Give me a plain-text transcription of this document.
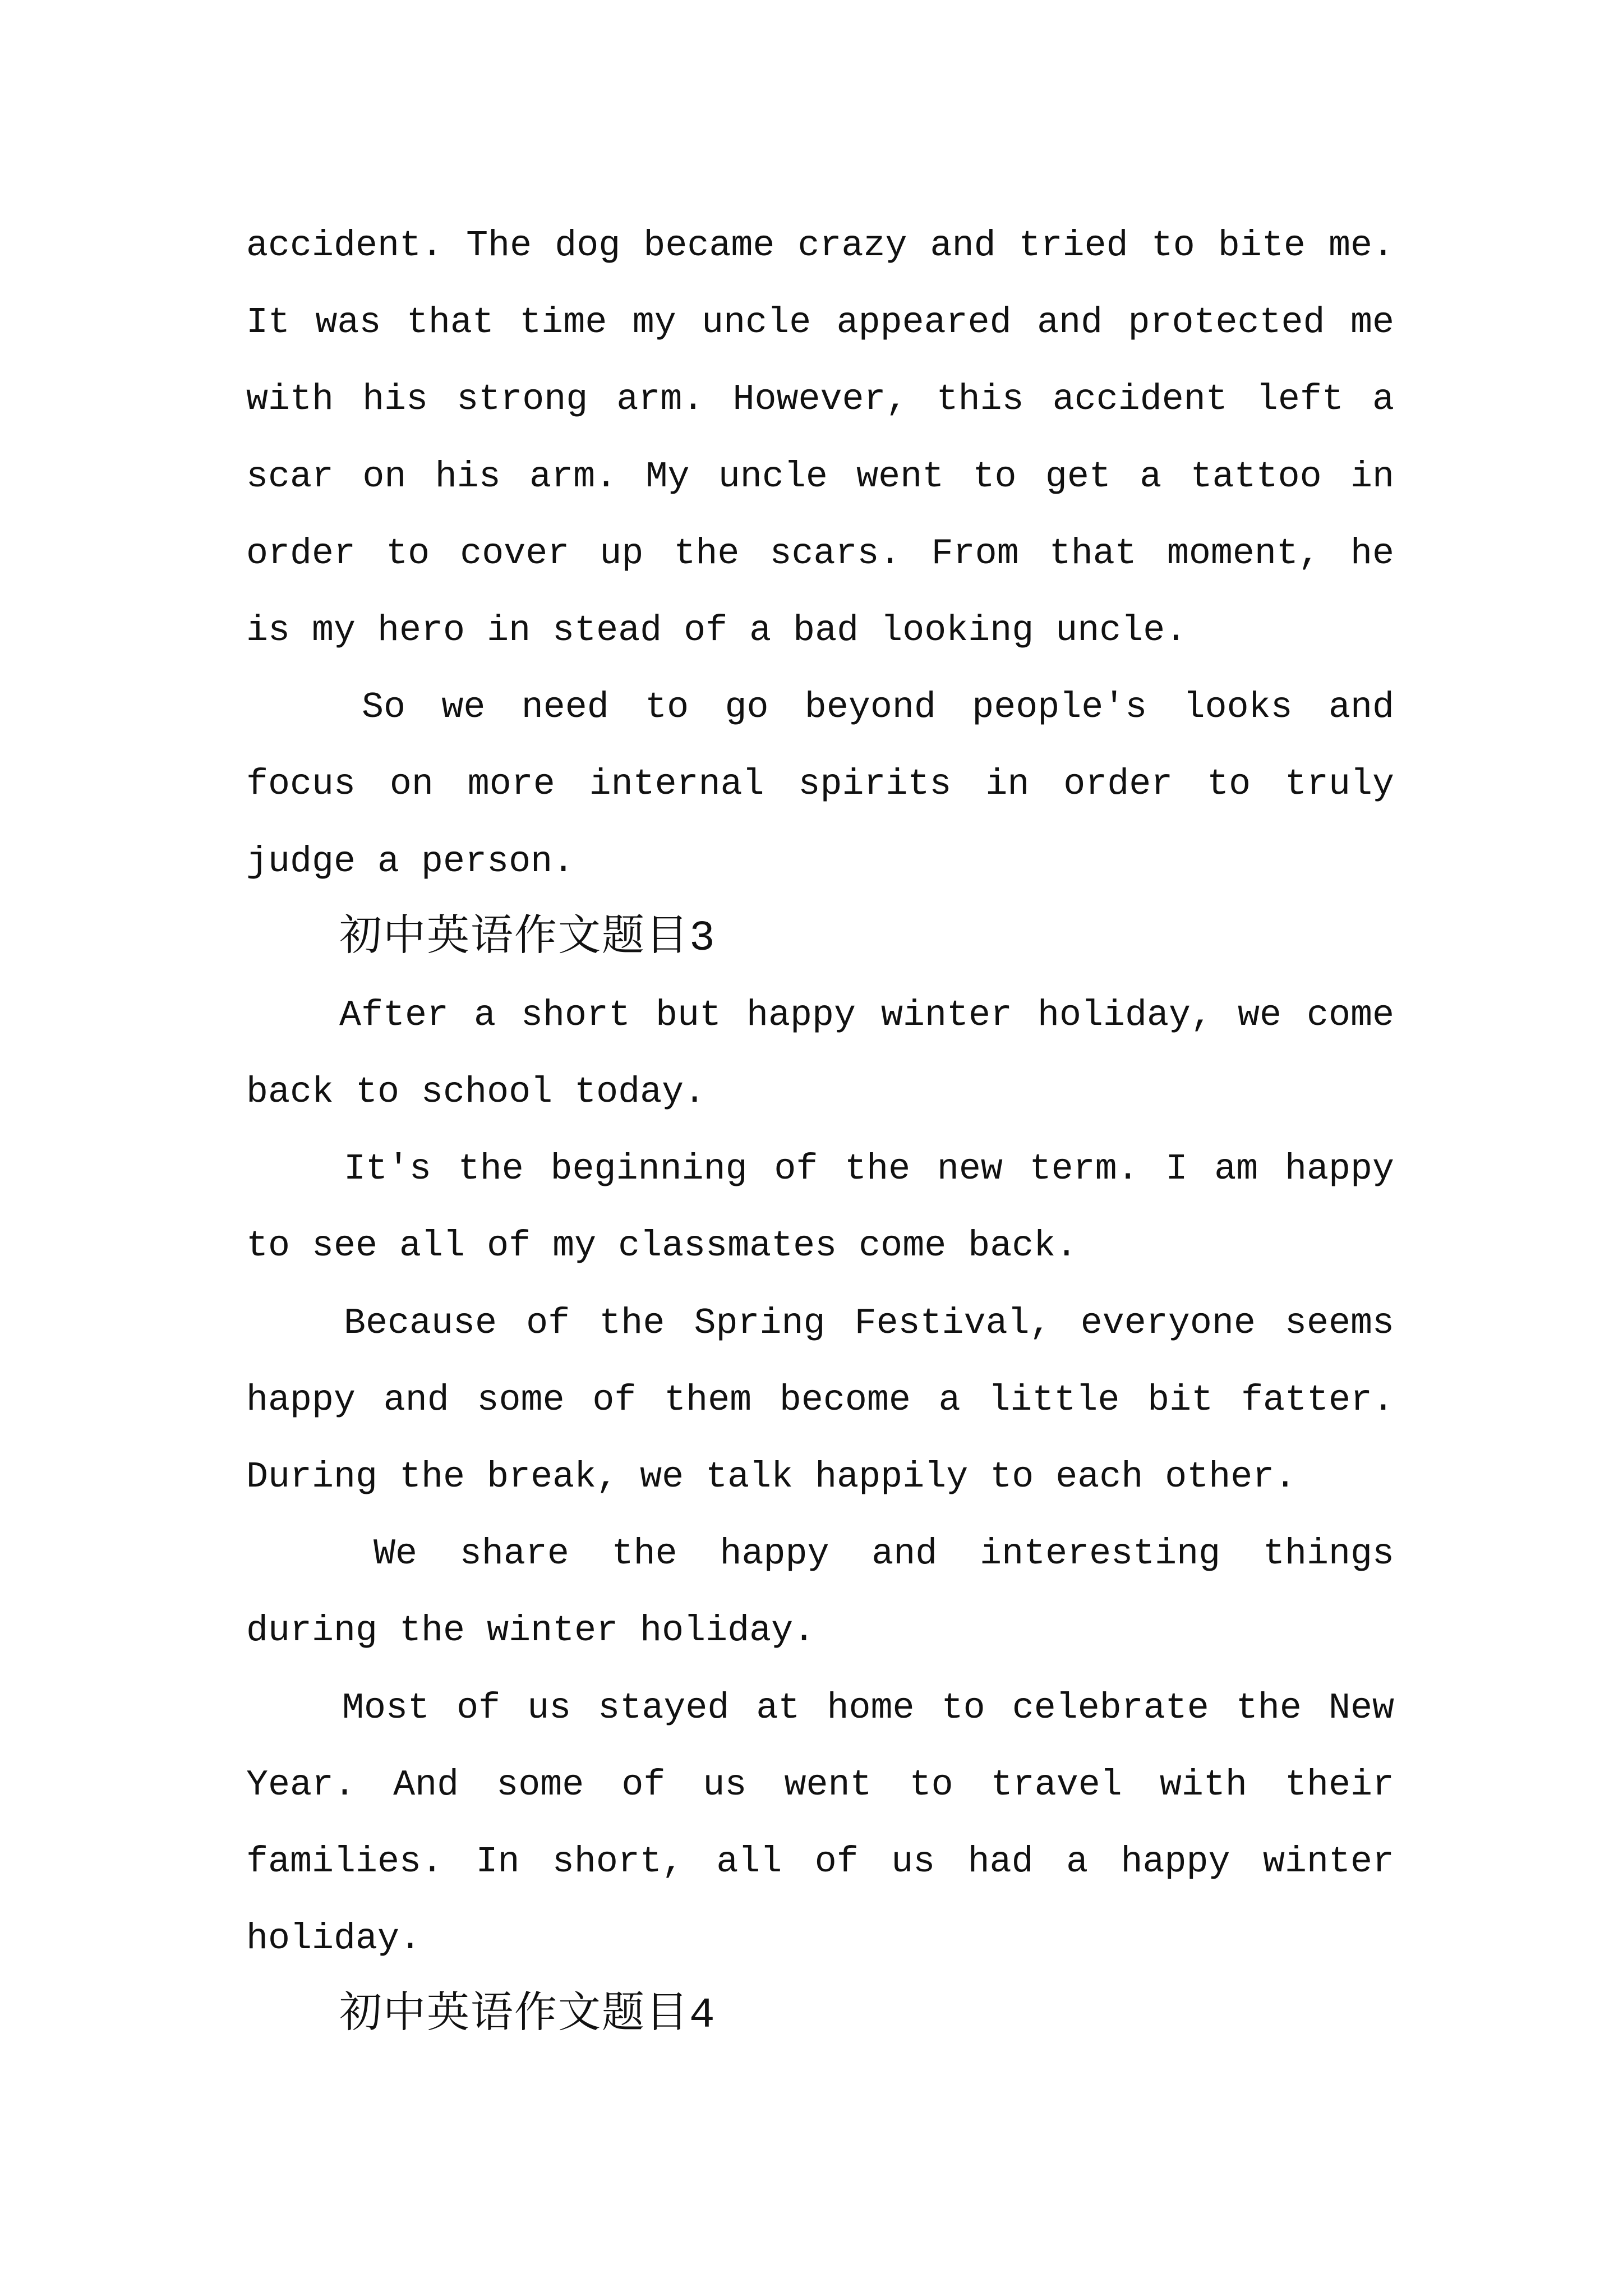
accident. The dog became crazy and tried to bite me.
It was that time my uncle appeared and protected me
with his strong arm. However, this accident left a
scar on his arm. My uncle went to get a tattoo in
order to cover up the scars. From that moment, he
is my hero in stead of a bad looking uncle.
So we need to go beyond people's looks and
focus on more internal spirits in order to truly
judge a person.
初中英语作文题目3
After a short but happy winter holiday, we come
back to school today.
It's the beginning of the new term. I am happy
to see all of my classmates come back.
Because of the Spring Festival, everyone seems
happy and some of them become a little bit fatter.
During the break, we talk happily to each other.
We share the happy and interesting things
during the winter holiday.
Most of us stayed at home to celebrate the New
Year. And some of us went to travel with their
families. In short, all of us had a happy winter
holiday.
初中英语作文题目4
